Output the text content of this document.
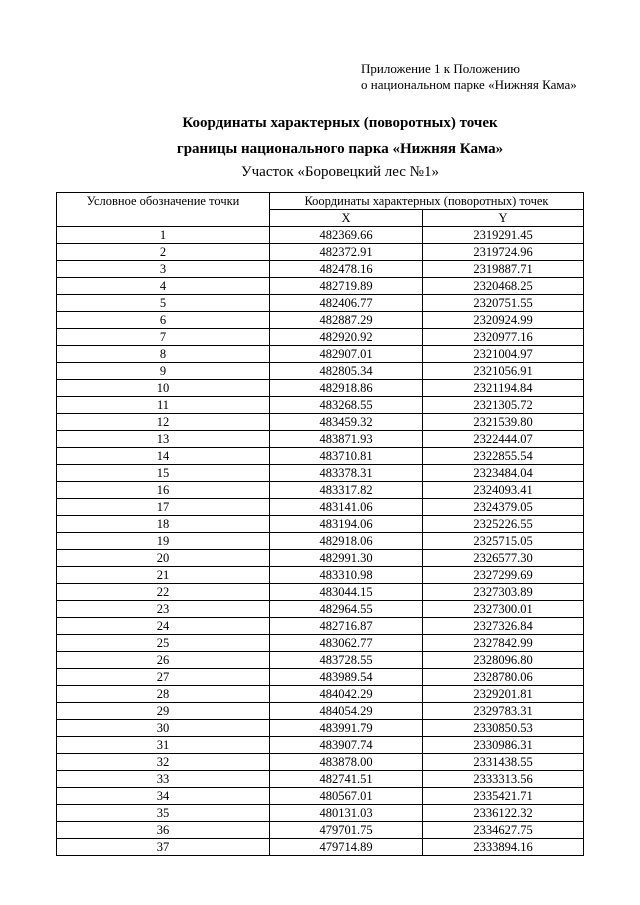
Приложение 1 к Положению
о национальном парке «Нижняя Кама»
Координаты характерных (поворотных) точек
границы национального парка «Нижняя Кама»
Участок «Боровецкий лес №1»
Условное обозначение точки	Координаты характерных (поворотных) точек	
	X	Y
1	482369.66	2319291.45
2	482372.91	2319724.96
3	482478.16	2319887.71
4	482719.89	2320468.25
5	482406.77	2320751.55
6	482887.29	2320924.99
7	482920.92	2320977.16
8	482907.01	2321004.97
9	482805.34	2321056.91
10	482918.86	2321194.84
11	483268.55	2321305.72
12	483459.32	2321539.80
13	483871.93	2322444.07
14	483710.81	2322855.54
15	483378.31	2323484.04
16	483317.82	2324093.41
17	483141.06	2324379.05
18	483194.06	2325226.55
19	482918.06	2325715.05
20	482991.30	2326577.30
21	483310.98	2327299.69
22	483044.15	2327303.89
23	482964.55	2327300.01
24	482716.87	2327326.84
25	483062.77	2327842.99
26	483728.55	2328096.80
27	483989.54	2328780.06
28	484042.29	2329201.81
29	484054.29	2329783.31
30	483991.79	2330850.53
31	483907.74	2330986.31
32	483878.00	2331438.55
33	482741.51	2333313.56
34	480567.01	2335421.71
35	480131.03	2336122.32
36	479701.75	2334627.75
37	479714.89	2333894.16
